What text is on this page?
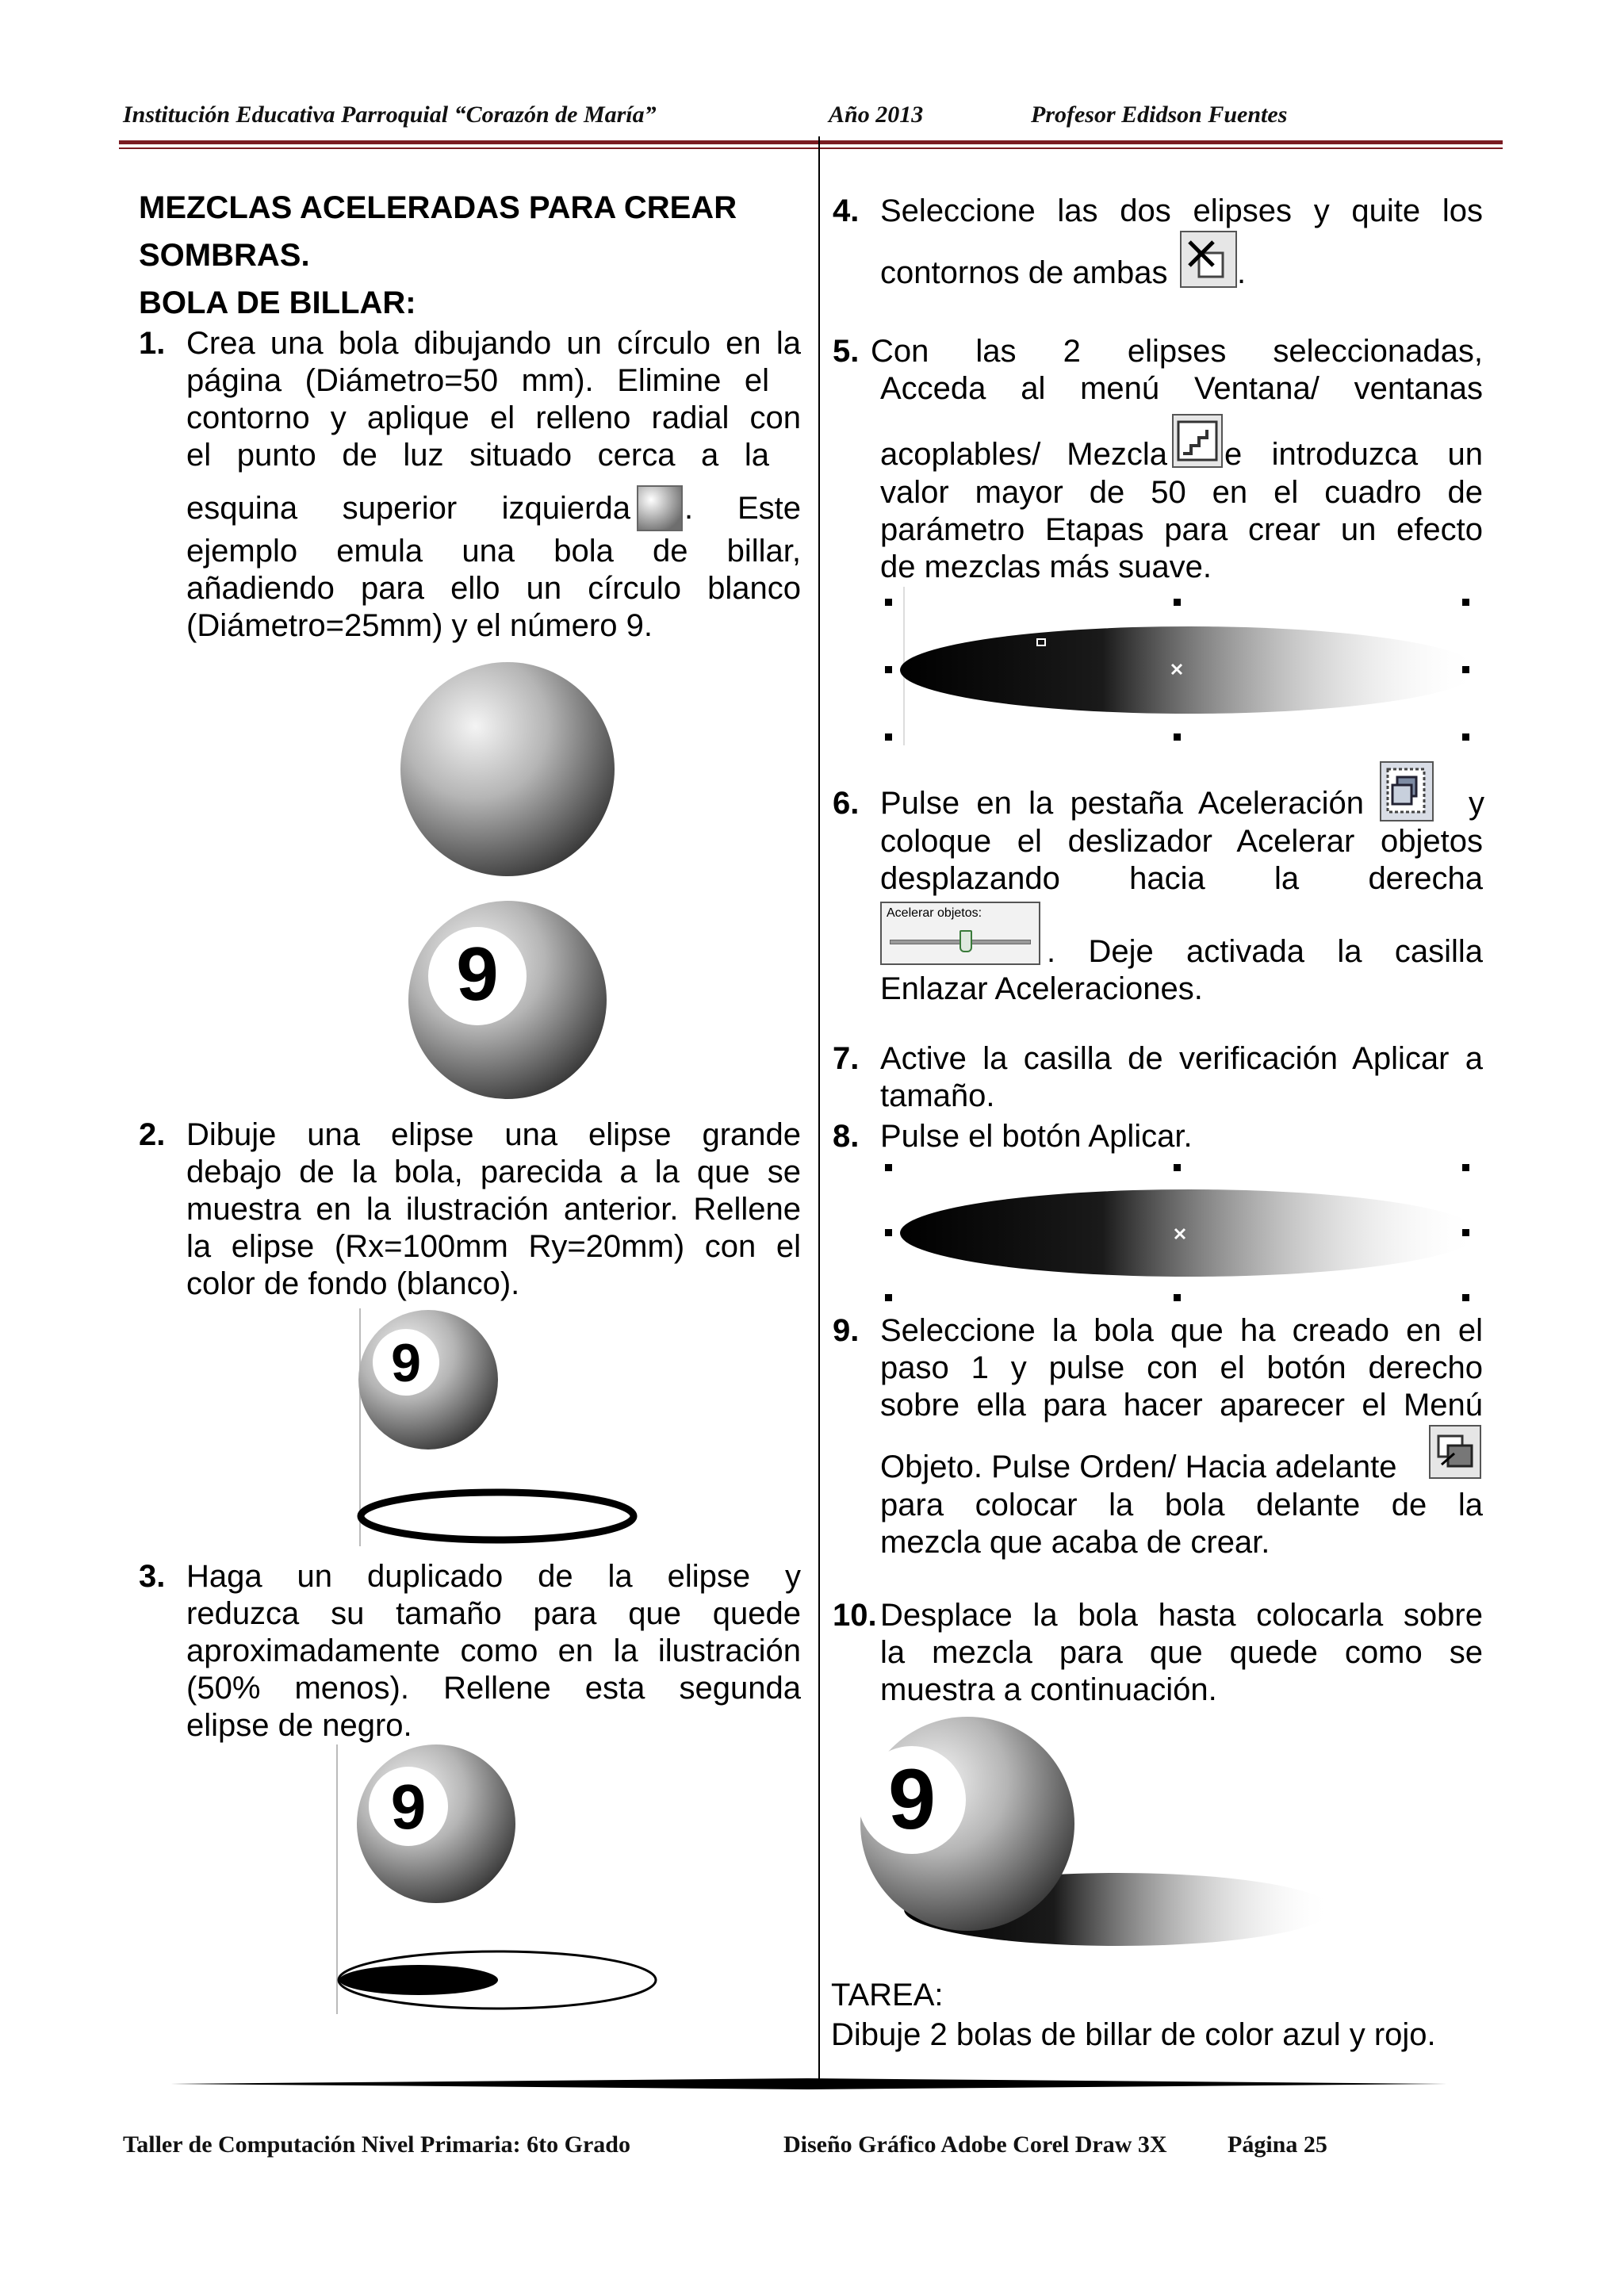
Institución Educativa Parroquial “Corazón de María”	Año 2013	Profesor Edidson Fuentes
MEZCLAS ACELERADAS PARA CREAR
SOMBRAS.
BOLA DE BILLAR:
1. Crea una bola dibujando un círculo en la
página (Diámetro=50 mm). Elimine el
contorno y aplique el relleno radial con
el punto de luz situado cerca a la
esquina superior izquierda . Este
ejemplo emula una bola de billar,
añadiendo para ello un círculo blanco
(Diámetro=25mm) y el número 9.
9
2. Dibuje una elipse una elipse grande
debajo de la bola, parecida a la que se
muestra en la ilustración anterior. Rellene
la elipse (Rx=100mm Ry=20mm) con el
color de fondo (blanco).
9
3. Haga un duplicado de la elipse y
reduzca su tamaño para que quede
aproximadamente como en la ilustración
(50% menos). Rellene esta segunda
elipse de negro.
9
4. Seleccione las dos elipses y quite los
contornos de ambas .
5. Con las 2 elipses seleccionadas,
Acceda al menú Ventana/ ventanas
acoplables/ Mezcla e introduzca un
valor mayor de 50 en el cuadro de
parámetro Etapas para crear un efecto
de mezclas más suave.
6. Pulse en la pestaña Aceleración	y
coloque el deslizador Acelerar objetos
desplazando hacia la derecha
Acelerar objetos:
. Deje activada la casilla
Enlazar Aceleraciones.
7. Active la casilla de verificación Aplicar a
tamaño.
8. Pulse el botón Aplicar.
9. Seleccione la bola que ha creado en el
paso 1 y pulse con el botón derecho
sobre ella para hacer aparecer el Menú
Objeto. Pulse Orden/ Hacia adelante
para colocar la bola delante de la
mezcla que acaba de crear.
10. Desplace la bola hasta colocarla sobre
la mezcla para que quede como se
muestra a continuación.
9
TAREA:
Dibuje 2 bolas de billar de color azul y rojo.
Taller de Computación Nivel Primaria: 6to Grado	Diseño Gráfico Adobe Corel Draw 3X	Página 25
